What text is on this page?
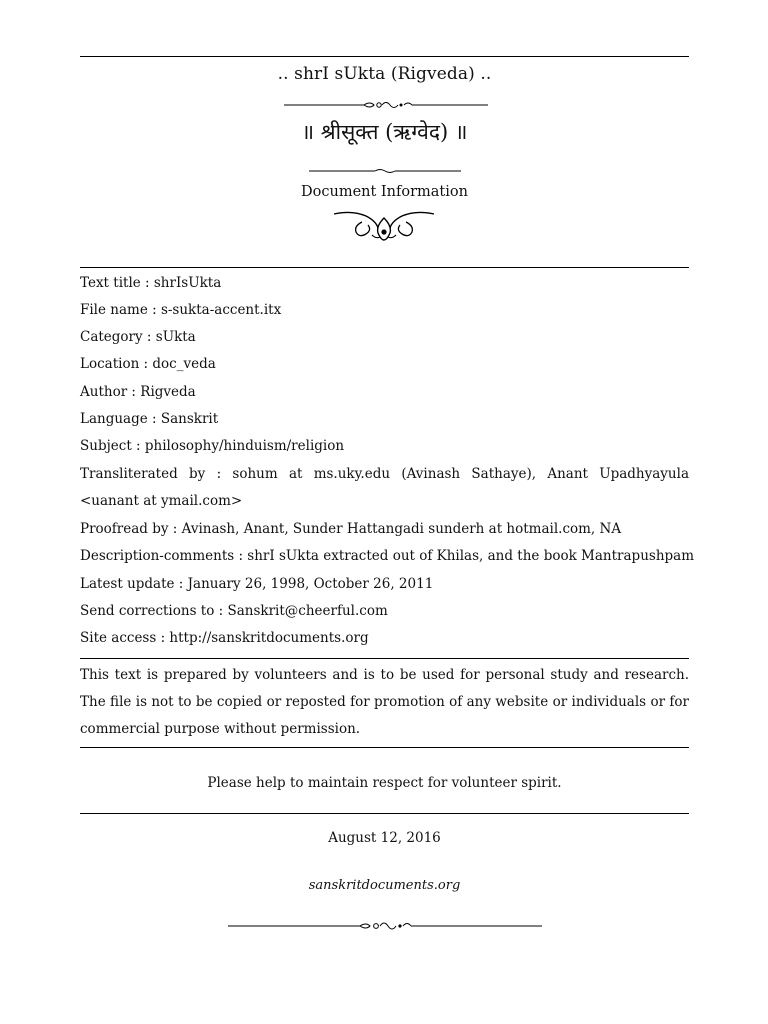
.. shrI sUkta (Rigveda) ..
॥ श्रीसूक्त (ऋग्वेद) ॥
Document Information
Text title : shrIsUkta
File name : s-sukta-accent.itx
Category : sUkta
Location : doc_veda
Author : Rigveda
Language : Sanskrit
Subject : philosophy/hinduism/religion
Transliterated by : sohum at ms.uky.edu (Avinash Sathaye), Anant Upadhyayula <uanant at ymail.com>
Proofread by : Avinash, Anant, Sunder Hattangadi sunderh at hotmail.com, NA
Description-comments : shrI sUkta extracted out of Khilas, and the book Mantrapushpam
Latest update : January 26, 1998, October 26, 2011
Send corrections to : Sanskrit@cheerful.com
Site access : http://sanskritdocuments.org
This text is prepared by volunteers and is to be used for personal study and research. The file is not to be copied or reposted for promotion of any website or individuals or for commercial purpose without permission.
Please help to maintain respect for volunteer spirit.
August 12, 2016
sanskritdocuments.org
